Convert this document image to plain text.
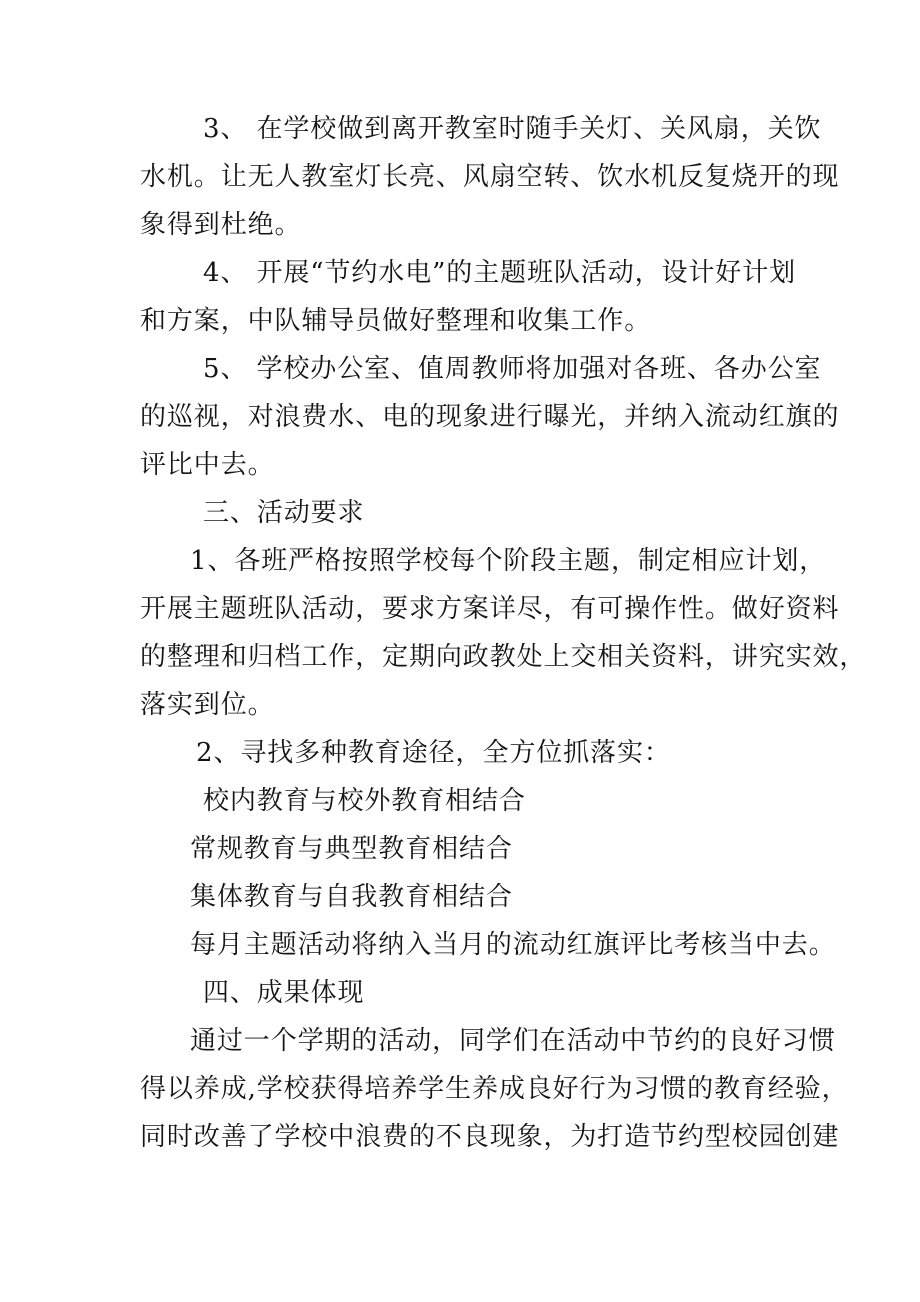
3、 在学校做到离开教室时随手关灯、关风扇，关饮
水机。让无人教室灯长亮、风扇空转、饮水机反复烧开的现
象得到杜绝。
4、 开展“节约水电”的主题班队活动，设计好计划
和方案，中队辅导员做好整理和收集工作。
5、 学校办公室、值周教师将加强对各班、各办公室
的巡视，对浪费水、电的现象进行曝光，并纳入流动红旗的
评比中去。
三、活动要求
1、各班严格按照学校每个阶段主题，制定相应计划，
开展主题班队活动，要求方案详尽，有可操作性。做好资料
的整理和归档工作，定期向政教处上交相关资料，讲究实效，
落实到位。
2、寻找多种教育途径，全方位抓落实：
校内教育与校外教育相结合
常规教育与典型教育相结合
集体教育与自我教育相结合
每月主题活动将纳入当月的流动红旗评比考核当中去。
四、成果体现
通过一个学期的活动，同学们在活动中节约的良好习惯
得以养成,学校获得培养学生养成良好行为习惯的教育经验，
同时改善了学校中浪费的不良现象，为打造节约型校园创建
